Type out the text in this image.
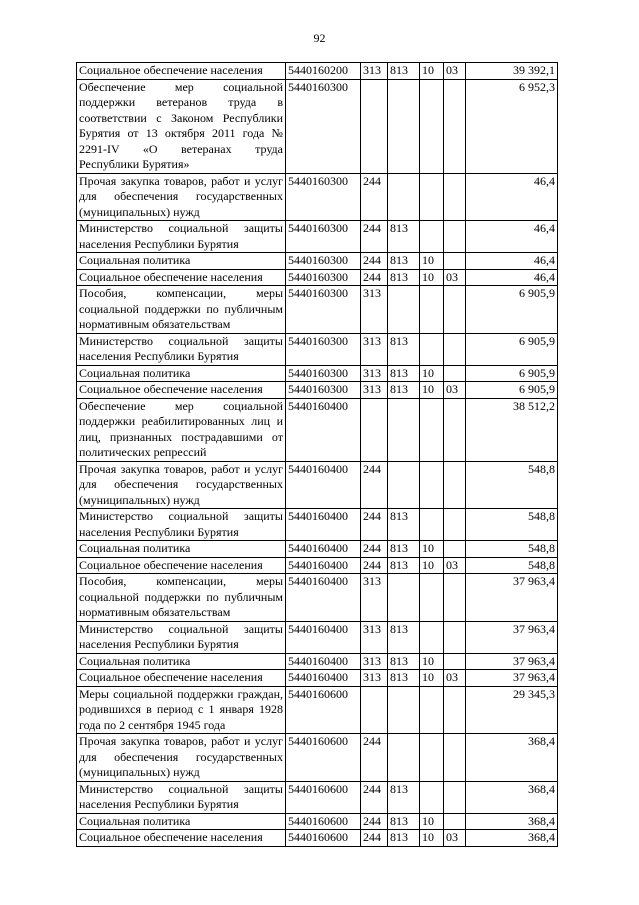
92
Социальное обеспечение населения	5440160200	313	813	10	03	39 392,1
Обеспечение мер социальной поддержки ветеранов труда в соответствии с Законом Республики Бурятия от 13 октября 2011 года № 2291-IV «О ветеранах труда Республики Бурятия»	5440160300					6 952,3
Прочая закупка товаров, работ и услуг для обеспечения государственных (муниципальных) нужд	5440160300	244				46,4
Министерство социальной защиты населения Республики Бурятия	5440160300	244	813			46,4
Социальная политика	5440160300	244	813	10		46,4
Социальное обеспечение населения	5440160300	244	813	10	03	46,4
Пособия, компенсации, меры социальной поддержки по публичным нормативным обязательствам	5440160300	313				6 905,9
Министерство социальной защиты населения Республики Бурятия	5440160300	313	813			6 905,9
Социальная политика	5440160300	313	813	10		6 905,9
Социальное обеспечение населения	5440160300	313	813	10	03	6 905,9
Обеспечение мер социальной поддержки реабилитированных лиц и лиц, признанных пострадавшими от политических репрессий	5440160400					38 512,2
Прочая закупка товаров, работ и услуг для обеспечения государственных (муниципальных) нужд	5440160400	244				548,8
Министерство социальной защиты населения Республики Бурятия	5440160400	244	813			548,8
Социальная политика	5440160400	244	813	10		548,8
Социальное обеспечение населения	5440160400	244	813	10	03	548,8
Пособия, компенсации, меры социальной поддержки по публичным нормативным обязательствам	5440160400	313				37 963,4
Министерство социальной защиты населения Республики Бурятия	5440160400	313	813			37 963,4
Социальная политика	5440160400	313	813	10		37 963,4
Социальное обеспечение населения	5440160400	313	813	10	03	37 963,4
Меры социальной поддержки граждан, родившихся в период с 1 января 1928 года по 2 сентября 1945 года	5440160600					29 345,3
Прочая закупка товаров, работ и услуг для обеспечения государственных (муниципальных) нужд	5440160600	244				368,4
Министерство социальной защиты населения Республики Бурятия	5440160600	244	813			368,4
Социальная политика	5440160600	244	813	10		368,4
Социальное обеспечение населения	5440160600	244	813	10	03	368,4
